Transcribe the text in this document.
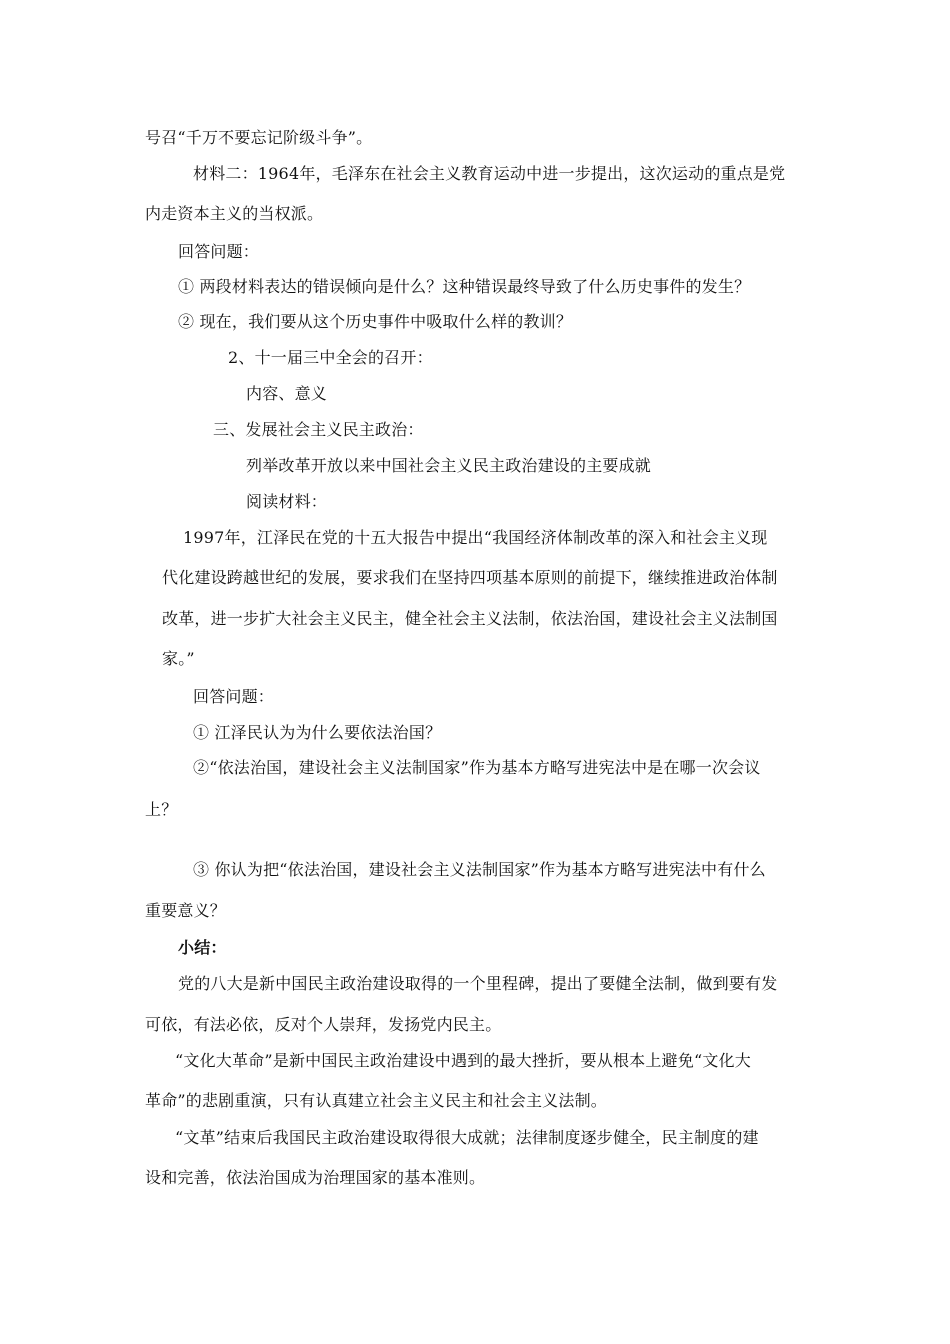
号召“千万不要忘记阶级斗争”。
材料二：1964年，毛泽东在社会主义教育运动中进一步提出，这次运动的重点是党
内走资本主义的当权派。
回答问题：
① 两段材料表达的错误倾向是什么？这种错误最终导致了什么历史事件的发生？
② 现在，我们要从这个历史事件中吸取什么样的教训？
2、十一届三中全会的召开：
内容、意义
三、发展社会主义民主政治：
列举改革开放以来中国社会主义民主政治建设的主要成就
阅读材料：
1997年，江泽民在党的十五大报告中提出“我国经济体制改革的深入和社会主义现
代化建设跨越世纪的发展，要求我们在坚持四项基本原则的前提下，继续推进政治体制
改革，进一步扩大社会主义民主，健全社会主义法制，依法治国，建设社会主义法制国
家。”
回答问题：
① 江泽民认为为什么要依法治国？
②“依法治国，建设社会主义法制国家”作为基本方略写进宪法中是在哪一次会议
上？
③ 你认为把“依法治国，建设社会主义法制国家”作为基本方略写进宪法中有什么
重要意义？
小结：
党的八大是新中国民主政治建设取得的一个里程碑，提出了要健全法制，做到要有发
可依，有法必依，反对个人崇拜，发扬党内民主。
“文化大革命”是新中国民主政治建设中遇到的最大挫折，要从根本上避免“文化大
革命”的悲剧重演，只有认真建立社会主义民主和社会主义法制。
“文革”结束后我国民主政治建设取得很大成就；法律制度逐步健全，民主制度的建
设和完善，依法治国成为治理国家的基本准则。
